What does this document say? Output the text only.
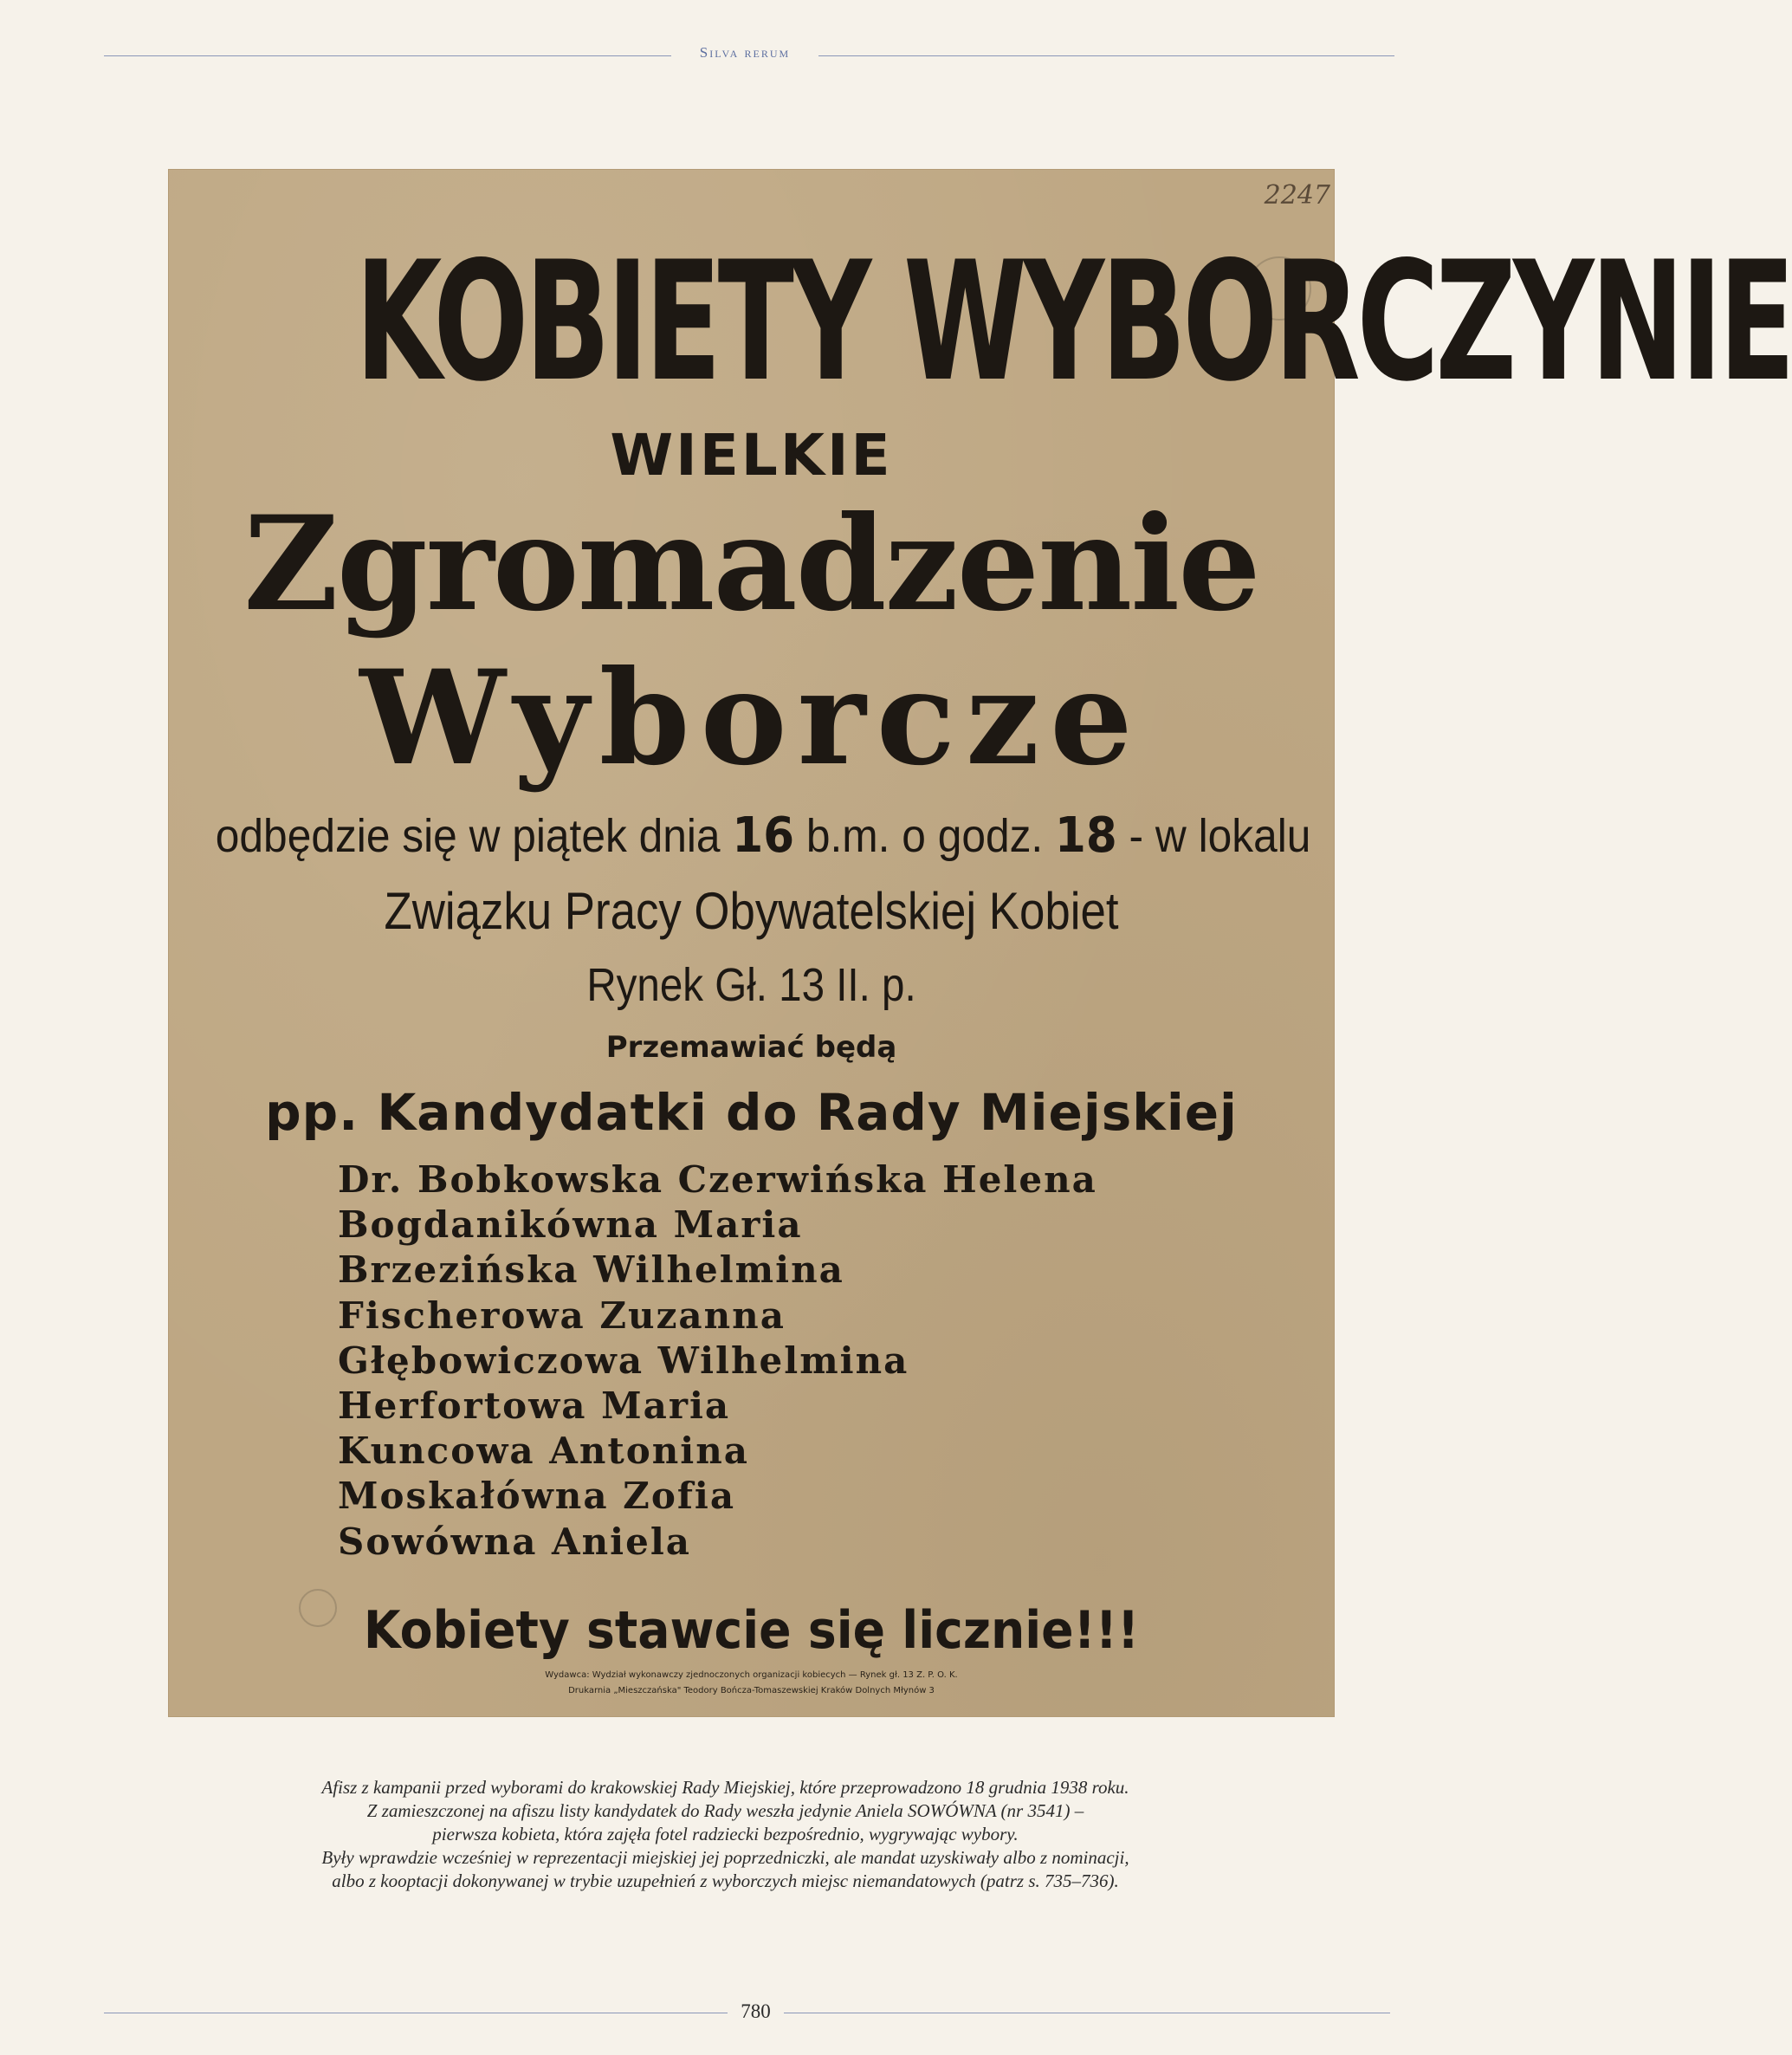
Silva rerum
2247
KOBIETY WYBORCZYNIE
WIELKIE
Zgromadzenie
Wyborcze
odbędzie się w piątek dnia 16 b.m. o godz. 18 - w lokalu
Związku Pracy Obywatelskiej Kobiet
Rynek Gł. 13 II. p.
Przemawiać będą
pp. Kandydatki do Rady Miejskiej
Dr. Bobkowska Czerwińska Helena
Bogdanikówna Maria
Brzezińska Wilhelmina
Fischerowa Zuzanna
Głębowiczowa Wilhelmina
Herfortowa Maria
Kuncowa Antonina
Moskałówna Zofia
Sowówna Aniela
Kobiety stawcie się licznie!!!
Wydawca: Wydział wykonawczy zjednoczonych organizacji kobiecych — Rynek gł. 13 Z. P. O. K.
Drukarnia „Mieszczańska" Teodory Bończa-Tomaszewskiej Kraków Dolnych Młynów 3
Afisz z kampanii przed wyborami do krakowskiej Rady Miejskiej, które przeprowadzono 18 grudnia 1938 roku.
Z zamieszczonej na afiszu listy kandydatek do Rady weszła jedynie Aniela SOWÓWNA (nr 3541) –
pierwsza kobieta, która zajęła fotel radziecki bezpośrednio, wygrywając wybory.
Były wprawdzie wcześniej w reprezentacji miejskiej jej poprzedniczki, ale mandat uzyskiwały albo z nominacji,
albo z kooptacji dokonywanej w trybie uzupełnień z wyborczych miejsc niemandatowych (patrz s. 735–736).
780
